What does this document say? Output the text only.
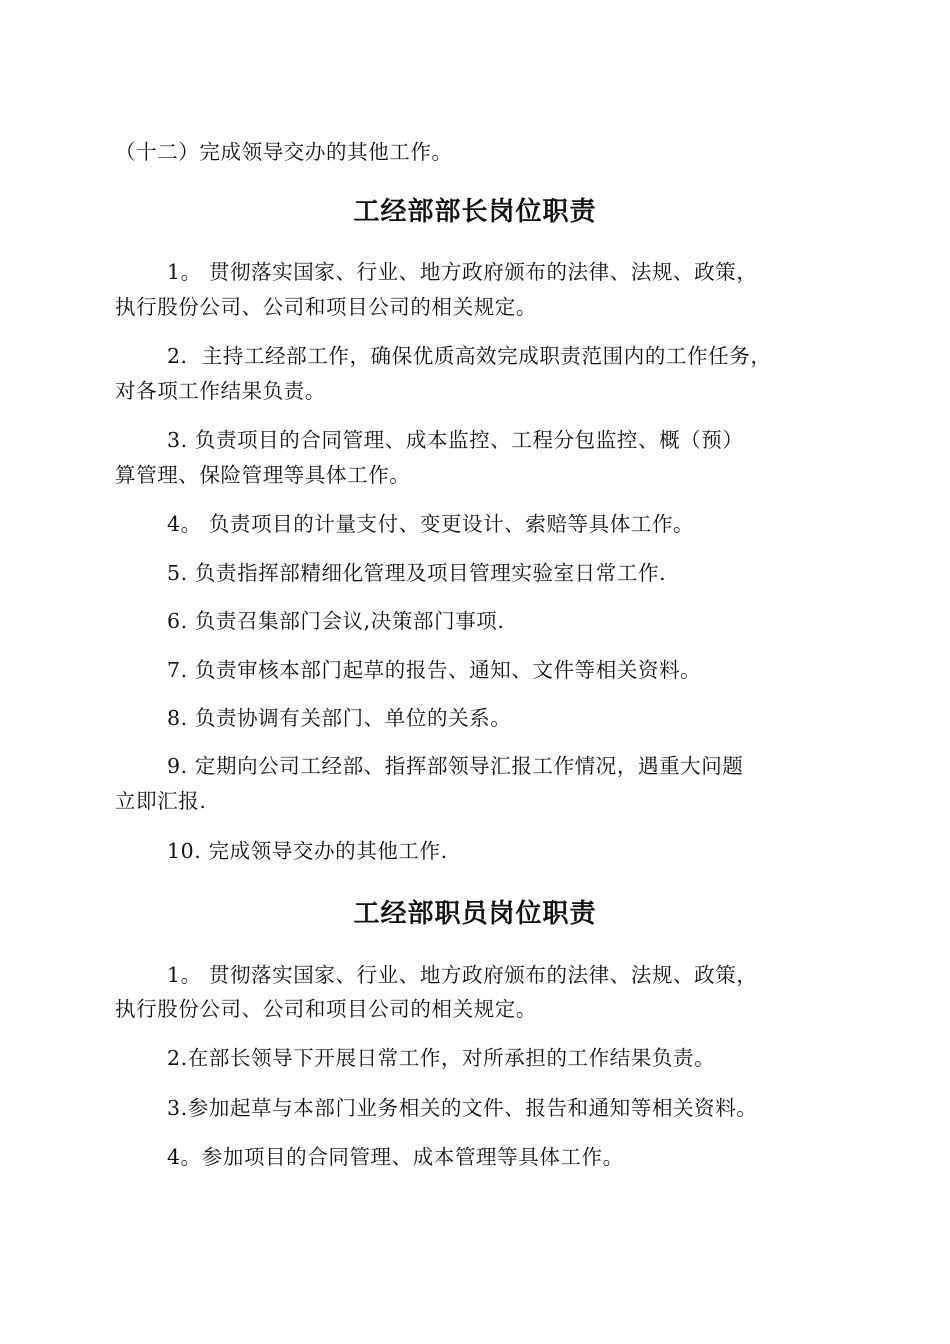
（十二）完成领导交办的其他工作。
工经部部长岗位职责
1。 贯彻落实国家、行业、地方政府颁布的法律、法规、政策，
执行股份公司、公司和项目公司的相关规定。
2．主持工经部工作，确保优质高效完成职责范围内的工作任务，
对各项工作结果负责。
3. 负责项目的合同管理、成本监控、工程分包监控、概（预）
算管理、保险管理等具体工作。
4。 负责项目的计量支付、变更设计、索赔等具体工作。
5. 负责指挥部精细化管理及项目管理实验室日常工作.
6. 负责召集部门会议,决策部门事项.
7. 负责审核本部门起草的报告、通知、文件等相关资料。
8. 负责协调有关部门、单位的关系。
9. 定期向公司工经部、指挥部领导汇报工作情况，遇重大问题
立即汇报.
10. 完成领导交办的其他工作.
工经部职员岗位职责
1。 贯彻落实国家、行业、地方政府颁布的法律、法规、政策，
执行股份公司、公司和项目公司的相关规定。
2.在部长领导下开展日常工作，对所承担的工作结果负责。
3.参加起草与本部门业务相关的文件、报告和通知等相关资料。
4。参加项目的合同管理、成本管理等具体工作。
